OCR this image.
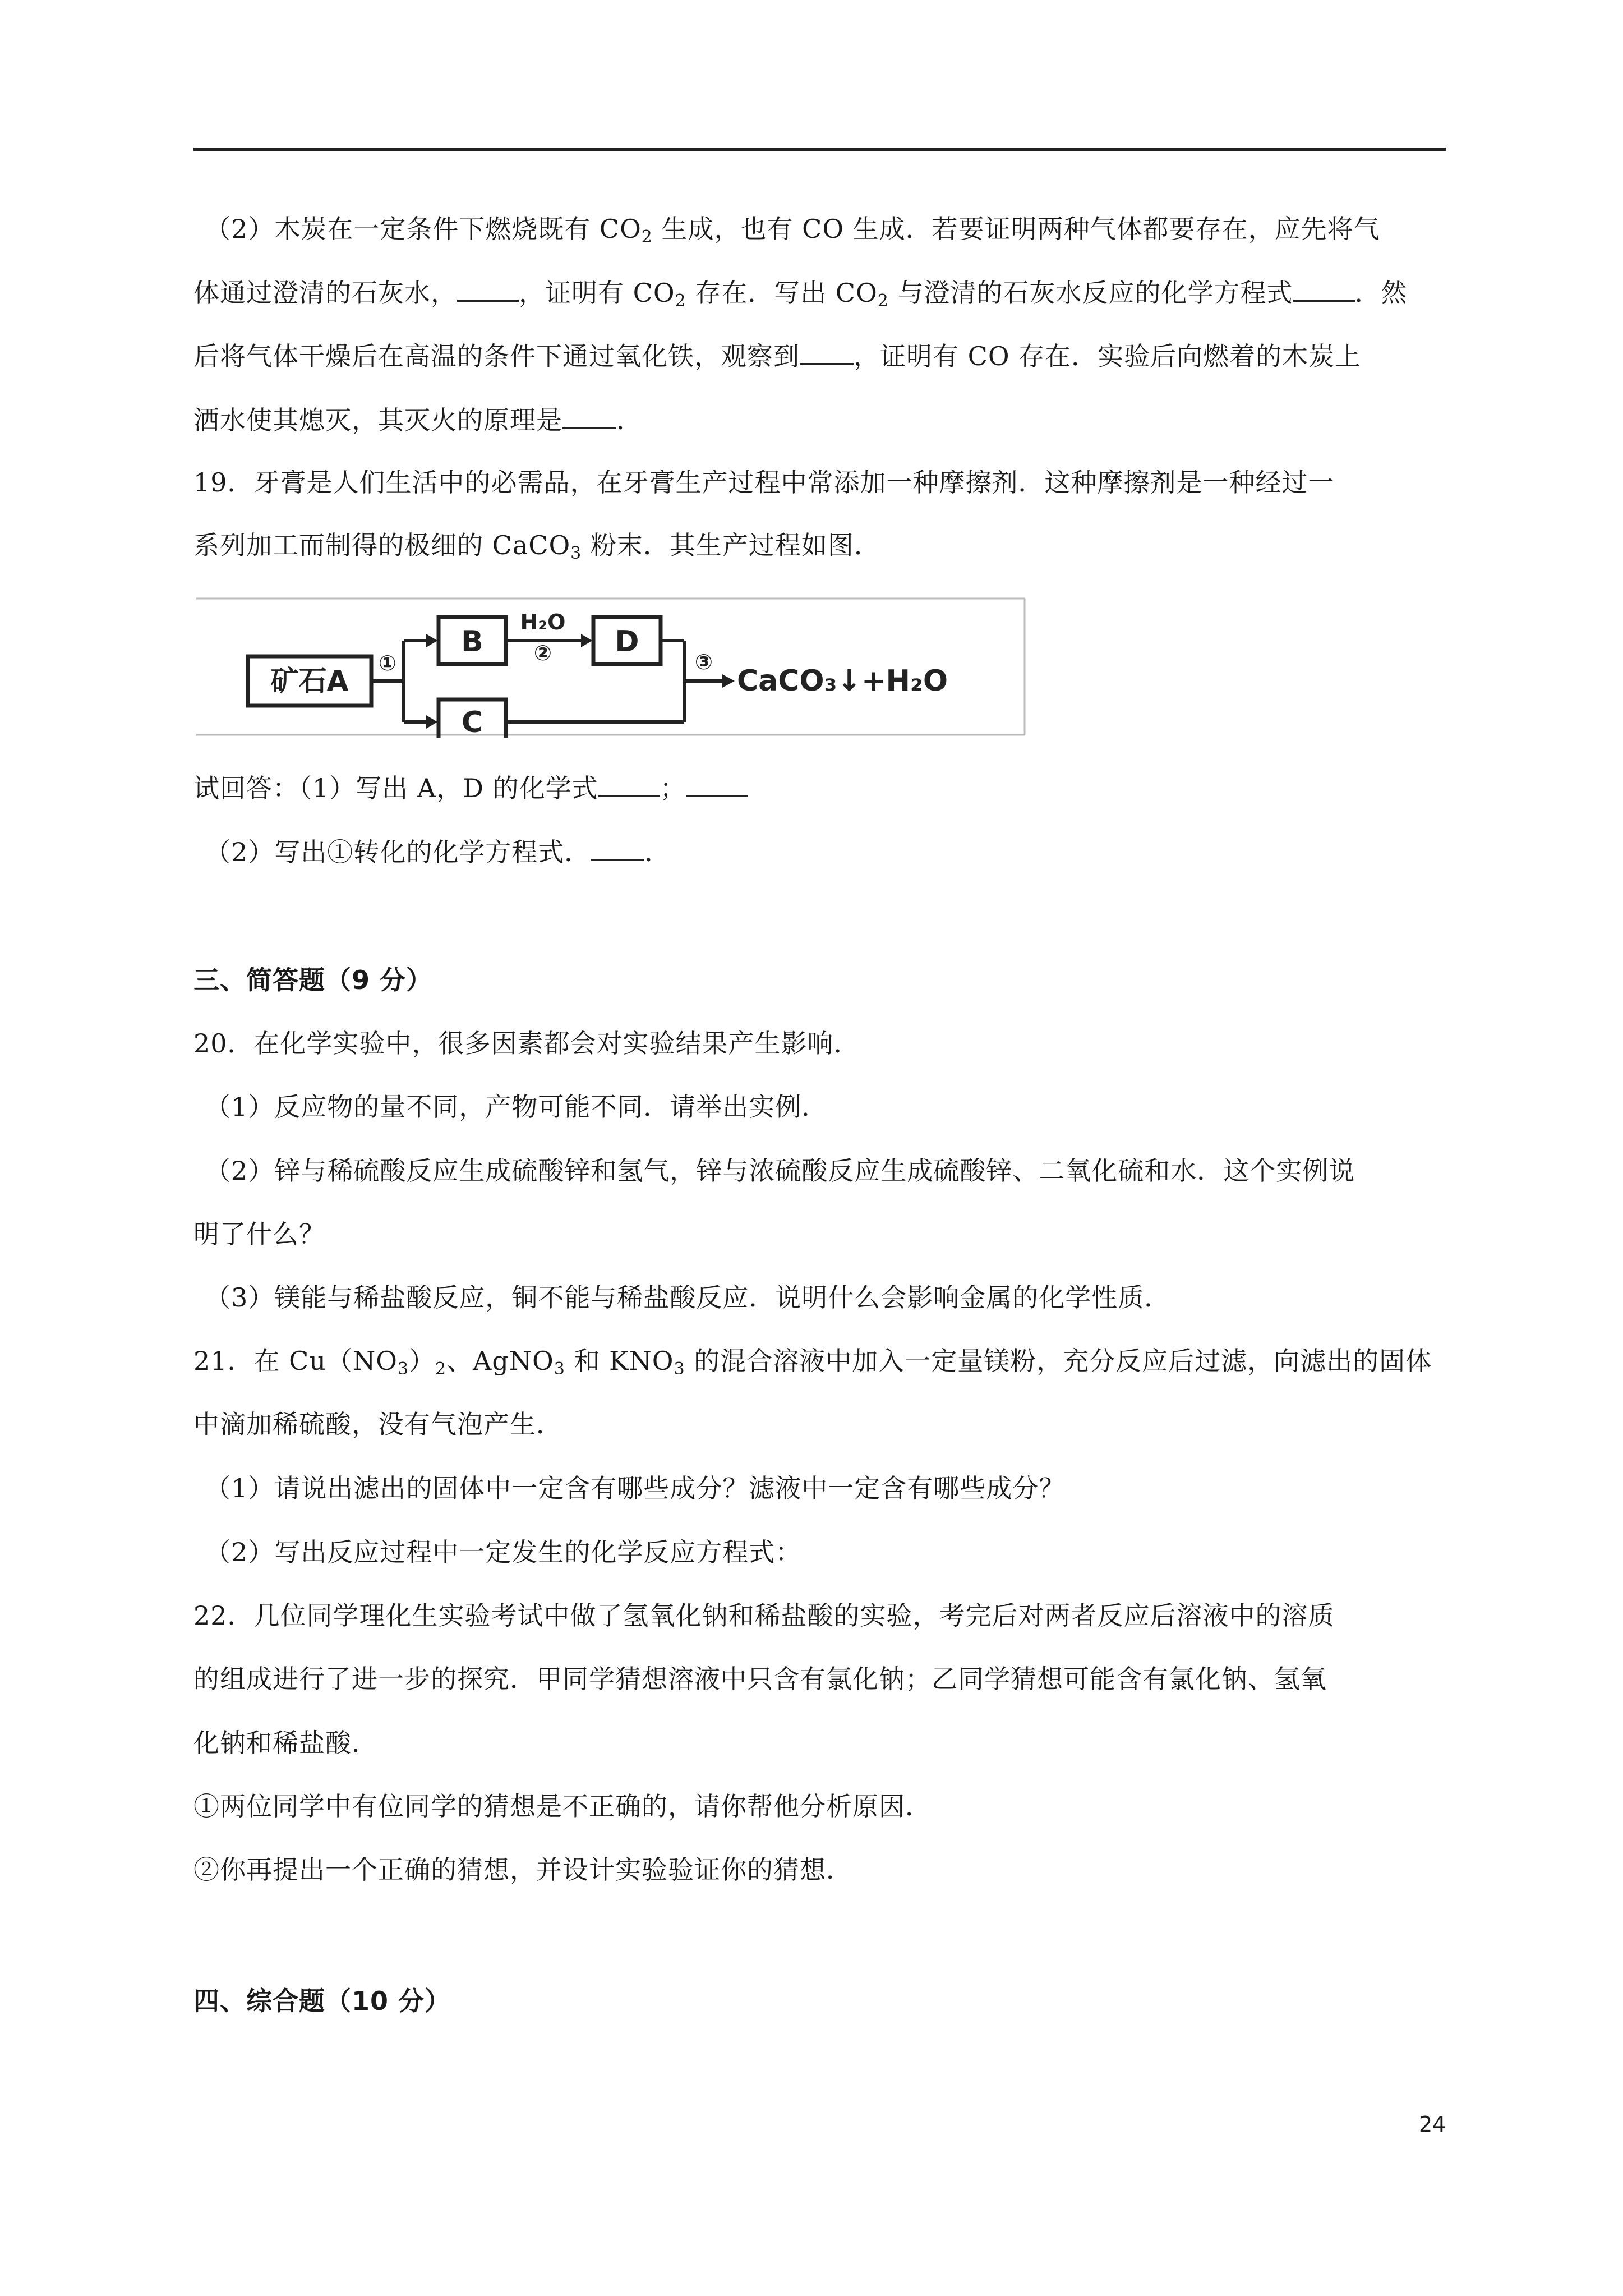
（2）木炭在一定条件下燃烧既有 $CO_2$ 生成，也有 CO 生成．若要证明两种气体都要存在，应先将气
体通过澄清的石灰水， ，证明有 $CO_2$ 存在．写出 $CO_2$ 与澄清的石灰水反应的化学方程式 ．然
后将气体干燥后在高温的条件下通过氧化铁，观察到 ，证明有 CO 存在．实验后向燃着的木炭上
洒水使其熄灭，其灭火的原理是 ．
19．牙膏是人们生活中的必需品，在牙膏生产过程中常添加一种摩擦剂．这种摩擦剂是一种经过一
系列加工而制得的极细的 CaCO$_3$ 粉末．其生产过程如图．
矿石A
①
B
C
H₂O
② D
③
CaCO₃↓+H₂O
试回答：（1）写出 A，D 的化学式 ；
（2）写出①转化的化学方程式． ．
三、简答题（9 分）
20．在化学实验中，很多因素都会对实验结果产生影响．
（1）反应物的量不同，产物可能不同．请举出实例．
（2）锌与稀硫酸反应生成硫酸锌和氢气，锌与浓硫酸反应生成硫酸锌、二氧化硫和水．这个实例说
明了什么？
（3）镁能与稀盐酸反应，铜不能与稀盐酸反应．说明什么会影响金属的化学性质．
21．在 $Cu(NO_3)_2$、AgNO$_3$ 和 $KNO_3$ 的混合溶液中加入一定量镁粉，充分反应后过滤，向滤出的固体
中滴加稀硫酸，没有气泡产生．
（1）请说出滤出的固体中一定含有哪些成分？滤液中一定含有哪些成分？
（2）写出反应过程中一定发生的化学反应方程式：
22．几位同学理化生实验考试中做了氢氧化钠和稀盐酸的实验，考完后对两者反应后溶液中的溶质
的组成进行了进一步的探究．甲同学猜想溶液中只含有氯化钠；乙同学猜想可能含有氯化钠、氢氧
化钠和稀盐酸．
①两位同学中有位同学的猜想是不正确的，请你帮他分析原因．
②你再提出一个正确的猜想，并设计实验验证你的猜想．
四、综合题（10 分）
24
